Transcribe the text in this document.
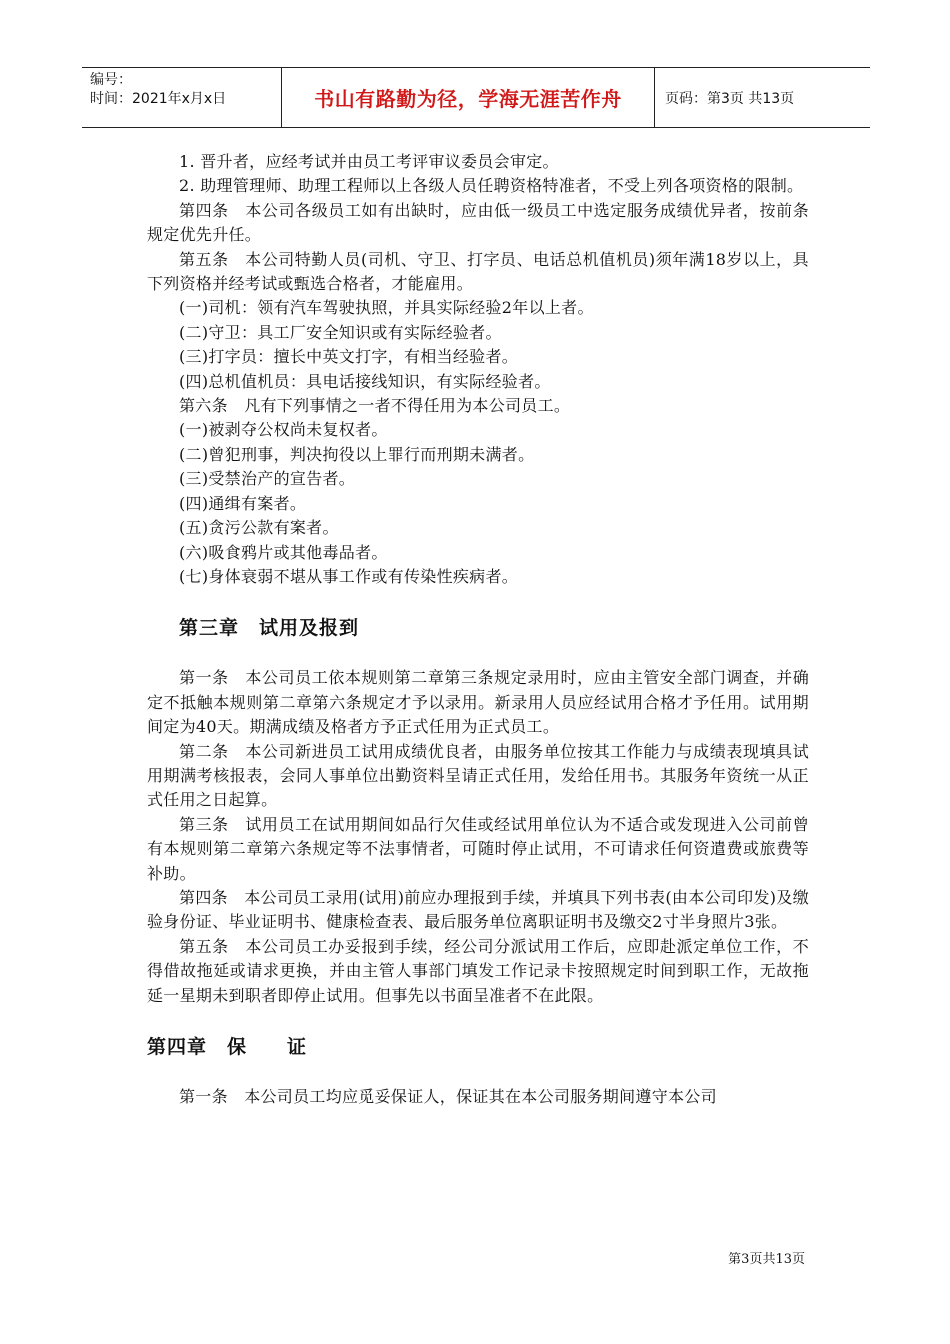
编号：
时间：2021年x月x日	书山有路勤为径，学海无涯苦作舟	页码：第3页 共13页

1. 晋升者，应经考试并由员工考评审议委员会审定。

2. 助理管理师、助理工程师以上各级人员任聘资格特准者，不受上列各项资格的限制。

第四条　本公司各级员工如有出缺时，应由低一级员工中选定服务成绩优异者，按前条规定优先升任。

第五条　本公司特勤人员(司机、守卫、打字员、电话总机值机员)须年满18岁以上，具下列资格并经考试或甄选合格者，才能雇用。

(一)司机：领有汽车驾驶执照，并具实际经验2年以上者。

(二)守卫：具工厂安全知识或有实际经验者。

(三)打字员：擅长中英文打字，有相当经验者。

(四)总机值机员：具电话接线知识，有实际经验者。

第六条　凡有下列事情之一者不得任用为本公司员工。

(一)被剥夺公权尚未复权者。

(二)曾犯刑事，判决拘役以上罪行而刑期未满者。

(三)受禁治产的宣告者。

(四)通缉有案者。

(五)贪污公款有案者。

(六)吸食鸦片或其他毒品者。

(七)身体衰弱不堪从事工作或有传染性疾病者。

第三章　试用及报到

第一条　本公司员工依本规则第二章第三条规定录用时，应由主管安全部门调查，并确定不抵触本规则第二章第六条规定才予以录用。新录用人员应经试用合格才予任用。试用期间定为40天。期满成绩及格者方予正式任用为正式员工。

第二条　本公司新进员工试用成绩优良者，由服务单位按其工作能力与成绩表现填具试用期满考核报表，会同人事单位出勤资料呈请正式任用，发给任用书。其服务年资统一从正式任用之日起算。

第三条　试用员工在试用期间如品行欠佳或经试用单位认为不适合或发现进入公司前曾有本规则第二章第六条规定等不法事情者，可随时停止试用，不可请求任何资遣费或旅费等补助。

第四条　本公司员工录用(试用)前应办理报到手续，并填具下列书表(由本公司印发)及缴验身份证、毕业证明书、健康检查表、最后服务单位离职证明书及缴交2寸半身照片3张。

第五条　本公司员工办妥报到手续，经公司分派试用工作后，应即赴派定单位工作，不得借故拖延或请求更换，并由主管人事部门填发工作记录卡按照规定时间到职工作，无故拖延一星期未到职者即停止试用。但事先以书面呈准者不在此限。

第四章　保　　证

第一条　本公司员工均应觅妥保证人，保证其在本公司服务期间遵守本公司

第3页共13页
